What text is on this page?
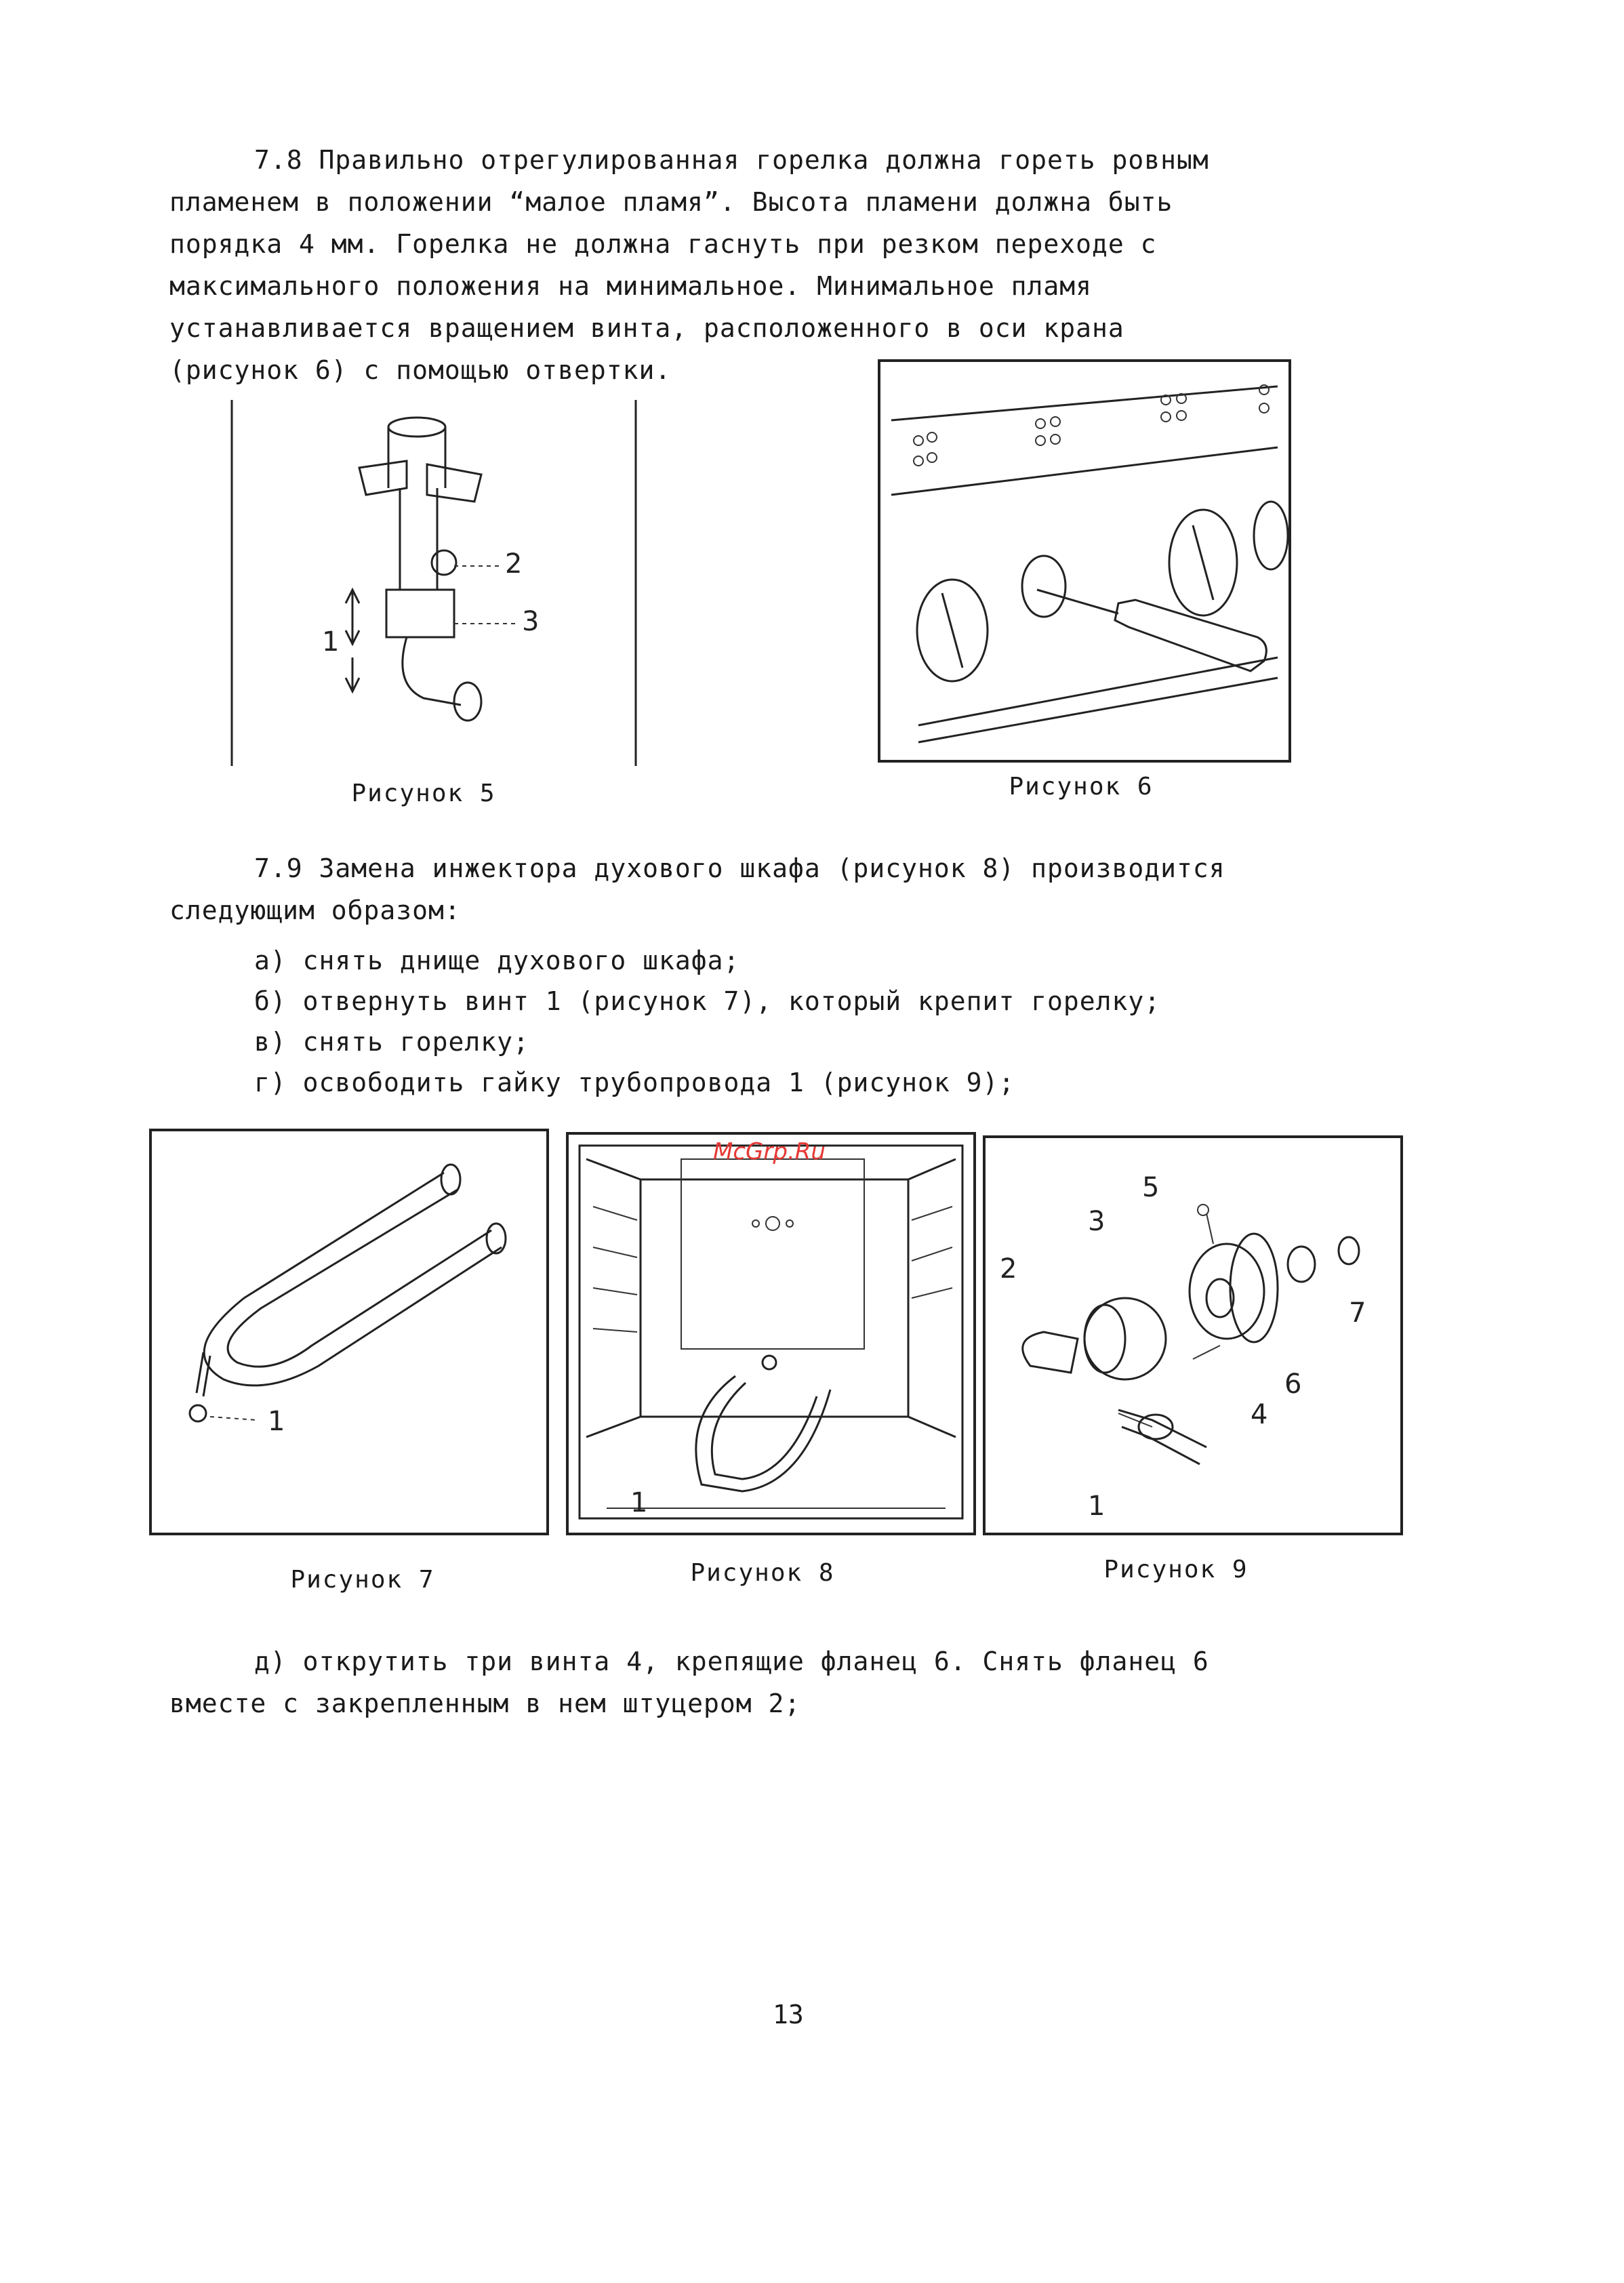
7.8 Правильно отрегулированная горелка должна гореть ровным
пламенем в положении “малое пламя”. Высота пламени должна быть
порядка 4 мм. Горелка не должна гаснуть при резком переходе с
максимального положения на минимальное. Минимальное пламя
устанавливается вращением винта, расположенного в оси крана
(рисунок 6) с помощью отвертки.
2
3
1
Рисунок 5	Рисунок 6
7.9 Замена инжектора духового шкафа (рисунок 8) производится
следующим образом:
а) снять днище духового шкафа;
б) отвернуть винт 1 (рисунок 7), который крепит горелку;
в) снять горелку;
г) освободить гайку трубопровода 1 (рисунок 9);
1
Рисунок 7
1
McGrp.Ru
Рисунок 8
1
2
3
4
5
6
7
Рисунок 9
д) открутить три винта 4, крепящие фланец 6. Снять фланец 6
вместе с закрепленным в нем штуцером 2;
13
